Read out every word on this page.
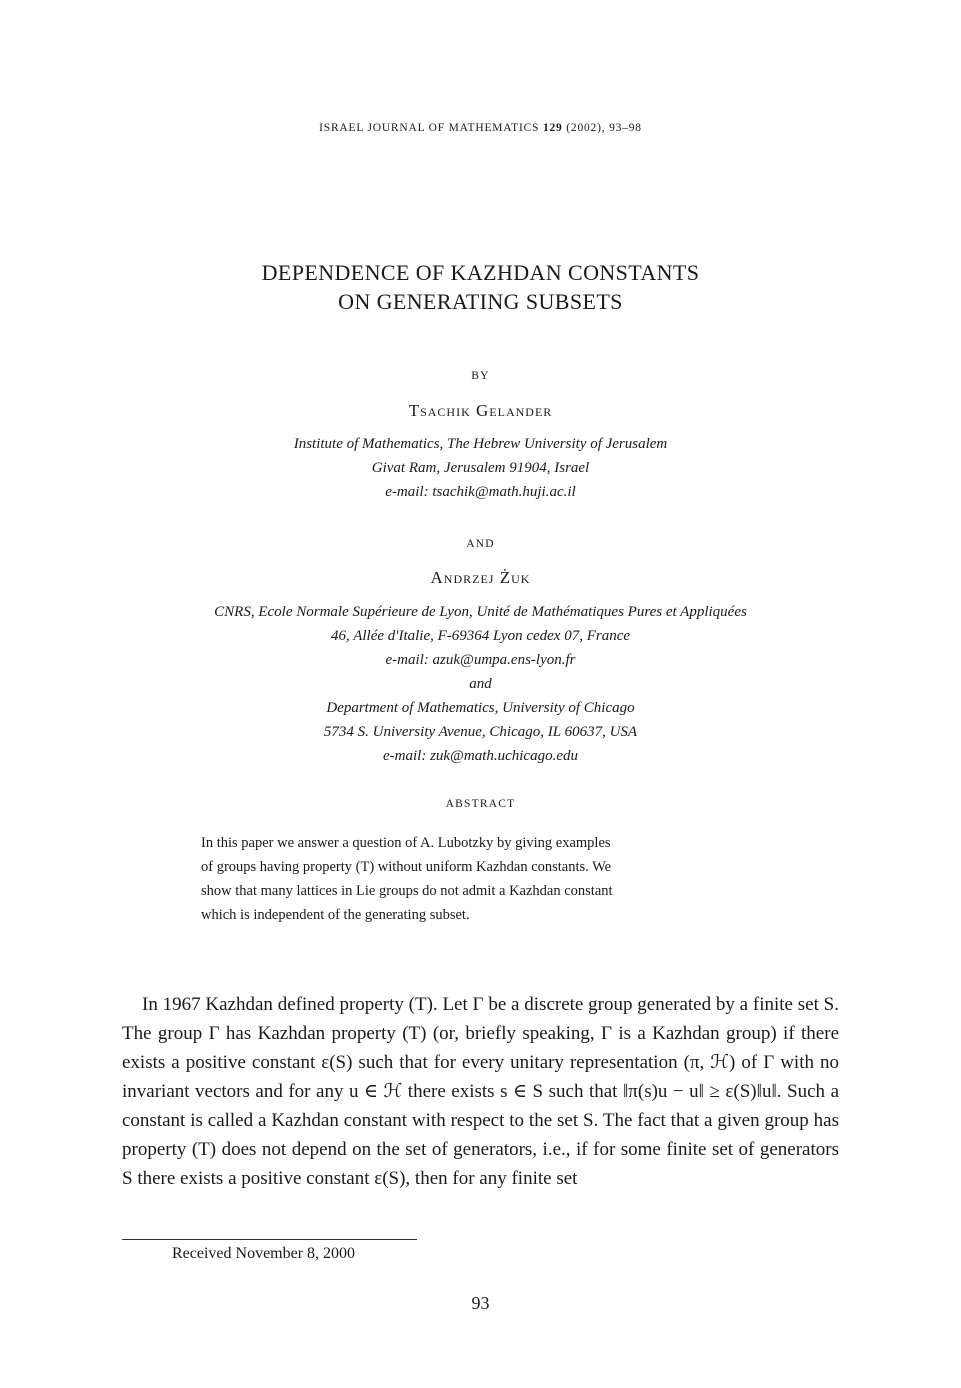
ISRAEL JOURNAL OF MATHEMATICS 129 (2002), 93–98
DEPENDENCE OF KAZHDAN CONSTANTS
ON GENERATING SUBSETS
BY
Tsachik Gelander
Institute of Mathematics, The Hebrew University of Jerusalem
Givat Ram, Jerusalem 91904, Israel
e-mail: tsachik@math.huji.ac.il
AND
Andrzej Żuk
CNRS, Ecole Normale Supérieure de Lyon, Unité de Mathématiques Pures et Appliquées
46, Allée d'Italie, F-69364 Lyon cedex 07, France
e-mail: azuk@umpa.ens-lyon.fr
and
Department of Mathematics, University of Chicago
5734 S. University Avenue, Chicago, IL 60637, USA
e-mail: zuk@math.uchicago.edu
ABSTRACT

In this paper we answer a question of A. Lubotzky by giving examples

of groups having property (T) without uniform Kazhdan constants. We

show that many lattices in Lie groups do not admit a Kazhdan constant

which is independent of the generating subset.

In 1967 Kazhdan defined property (T). Let Γ be a discrete group generated by a finite set S. The group Γ has Kazhdan property (T) (or, briefly speaking, Γ is a Kazhdan group) if there exists a positive constant ε(S) such that for every unitary representation (π, ℋ) of Γ with no invariant vectors and for any u ∈ ℋ there exists s ∈ S such that ‖π(s)u − u‖ ≥ ε(S)‖u‖. Such a constant is called a Kazhdan constant with respect to the set S. The fact that a given group has property (T) does not depend on the set of generators, i.e., if for some finite set of generators S there exists a positive constant ε(S), then for any finite set

Received November 8, 2000
93
